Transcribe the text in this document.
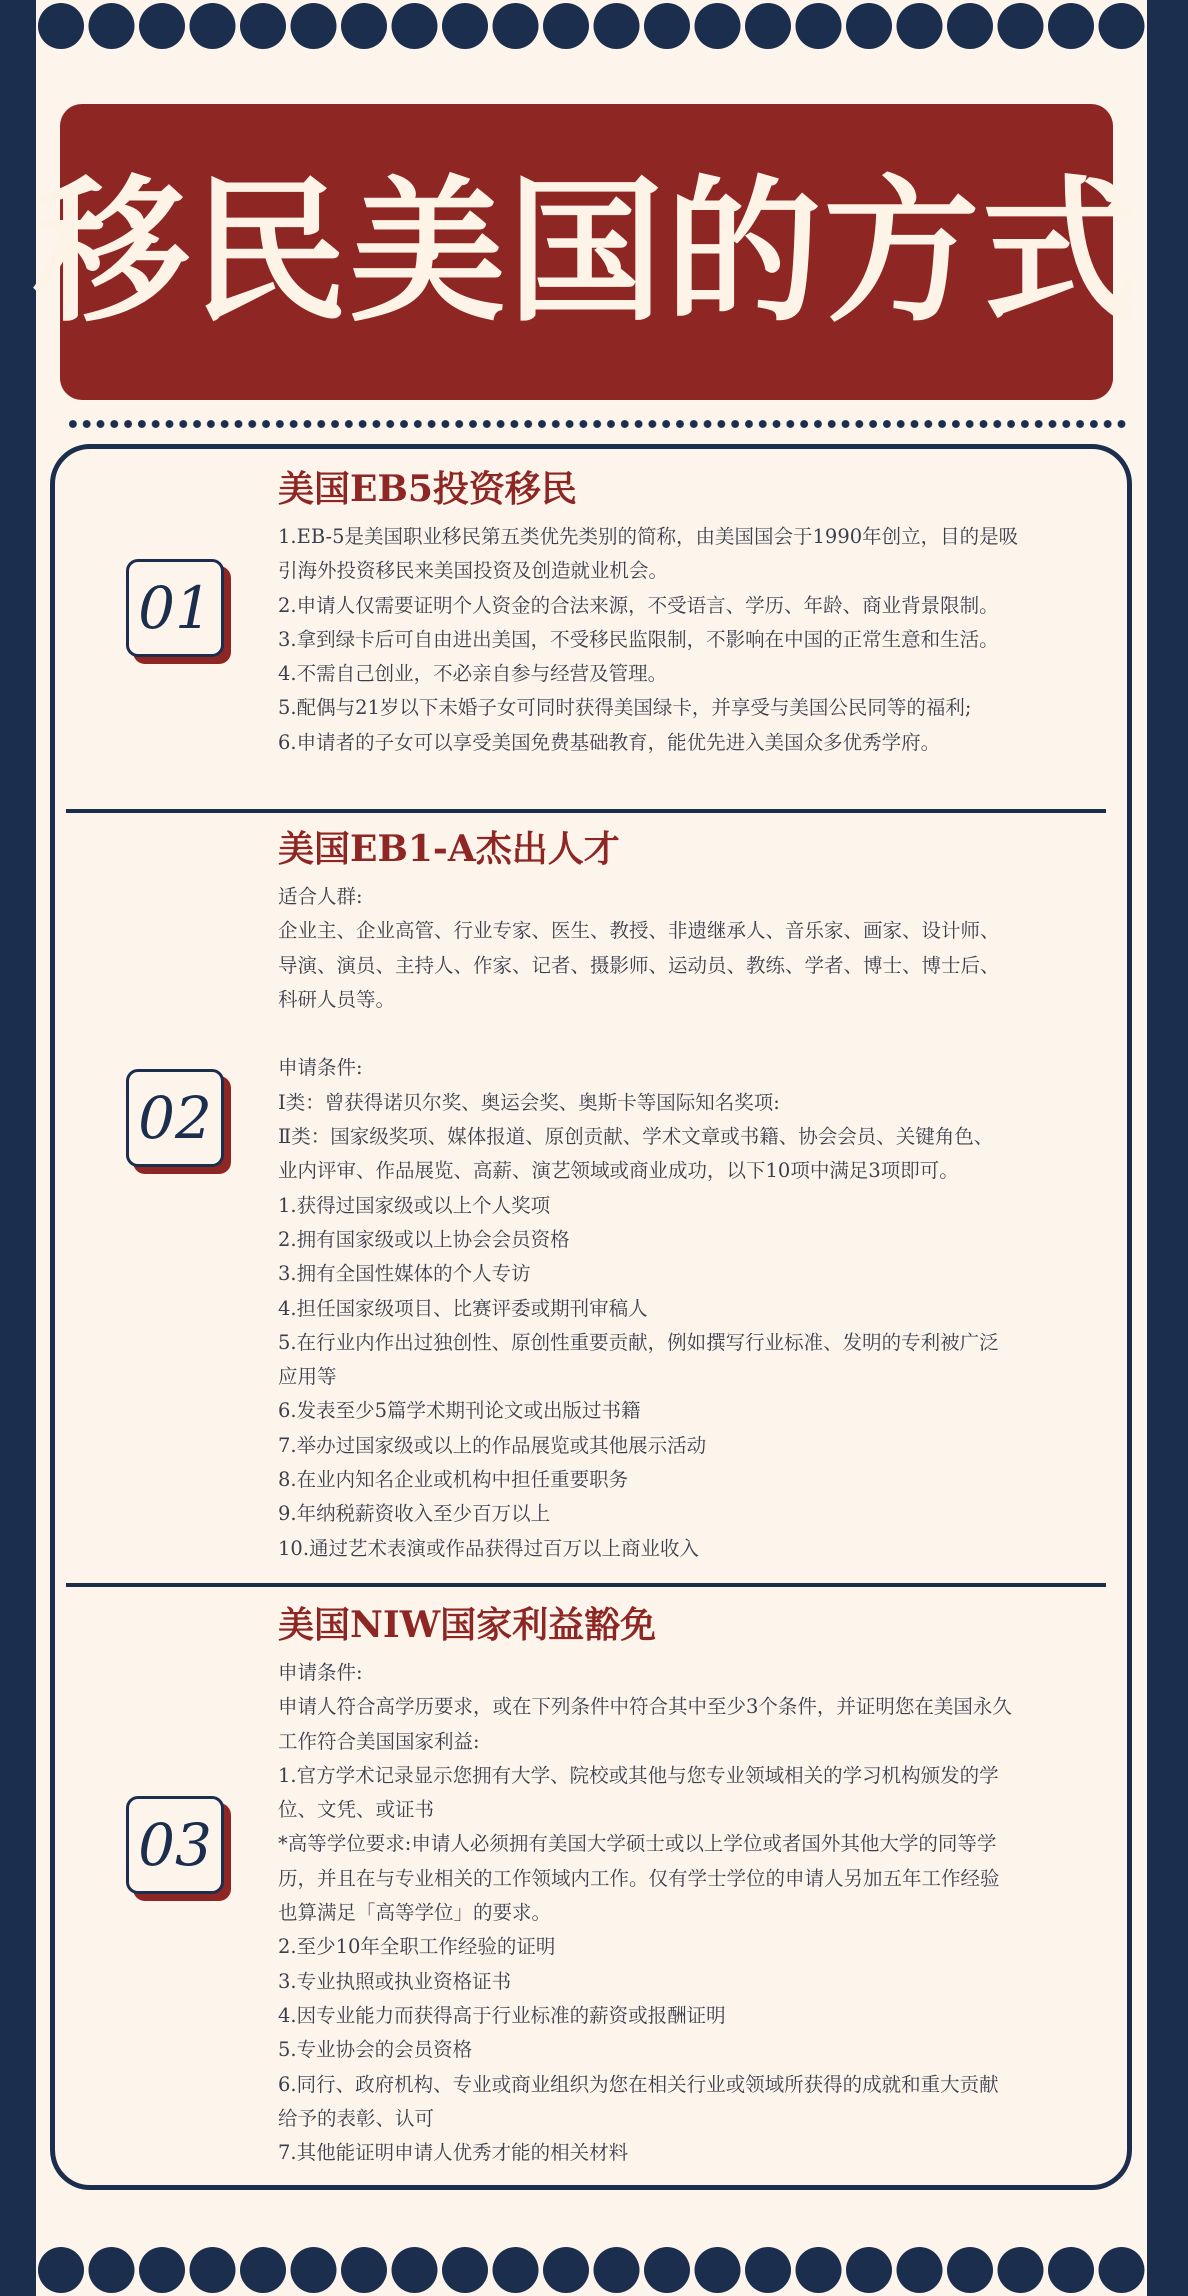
移民美国的方式
01
美国EB5投资移民
1.EB-5是美国职业移民第五类优先类别的简称，由美国国会于1990年创立，目的是吸
引海外投资移民来美国投资及创造就业机会。
2.申请人仅需要证明个人资金的合法来源，不受语言、学历、年龄、商业背景限制。
3.拿到绿卡后可自由进出美国，不受移民监限制，不影响在中国的正常生意和生活。
4.不需自己创业，不必亲自参与经营及管理。
5.配偶与21岁以下未婚子女可同时获得美国绿卡，并享受与美国公民同等的福利;
6.申请者的子女可以享受美国免费基础教育，能优先进入美国众多优秀学府。
02
美国EB1-A杰出人才
适合人群:
企业主、企业高管、行业专家、医生、教授、非遗继承人、音乐家、画家、设计师、
导演、演员、主持人、作家、记者、摄影师、运动员、教练、学者、博士、博士后、
科研人员等。

申请条件:
Ⅰ类：曾获得诺贝尔奖、奥运会奖、奥斯卡等国际知名奖项:
Ⅱ类：国家级奖项、媒体报道、原创贡献、学术文章或书籍、协会会员、关键角色、
业内评审、作品展览、高薪、演艺领域或商业成功，以下10项中满足3项即可。
1.获得过国家级或以上个人奖项
2.拥有国家级或以上协会会员资格
3.拥有全国性媒体的个人专访
4.担任国家级项目、比赛评委或期刊审稿人
5.在行业内作出过独创性、原创性重要贡献，例如撰写行业标准、发明的专利被广泛
应用等
6.发表至少5篇学术期刊论文或出版过书籍
7.举办过国家级或以上的作品展览或其他展示活动
8.在业内知名企业或机构中担任重要职务
9.年纳税薪资收入至少百万以上
10.通过艺术表演或作品获得过百万以上商业收入
03
美国NIW国家利益豁免
申请条件:
申请人符合高学历要求，或在下列条件中符合其中至少3个条件，并证明您在美国永久
工作符合美国国家利益:
1.官方学术记录显示您拥有大学、院校或其他与您专业领域相关的学习机构颁发的学
位、文凭、或证书
*高等学位要求:申请人必须拥有美国大学硕士或以上学位或者国外其他大学的同等学
历，并且在与专业相关的工作领域内工作。仅有学士学位的申请人另加五年工作经验
也算满足「高等学位」的要求。
2.至少10年全职工作经验的证明
3.专业执照或执业资格证书
4.因专业能力而获得高于行业标准的薪资或报酬证明
5.专业协会的会员资格
6.同行、政府机构、专业或商业组织为您在相关行业或领域所获得的成就和重大贡献
给予的表彰、认可
7.其他能证明申请人优秀才能的相关材料
